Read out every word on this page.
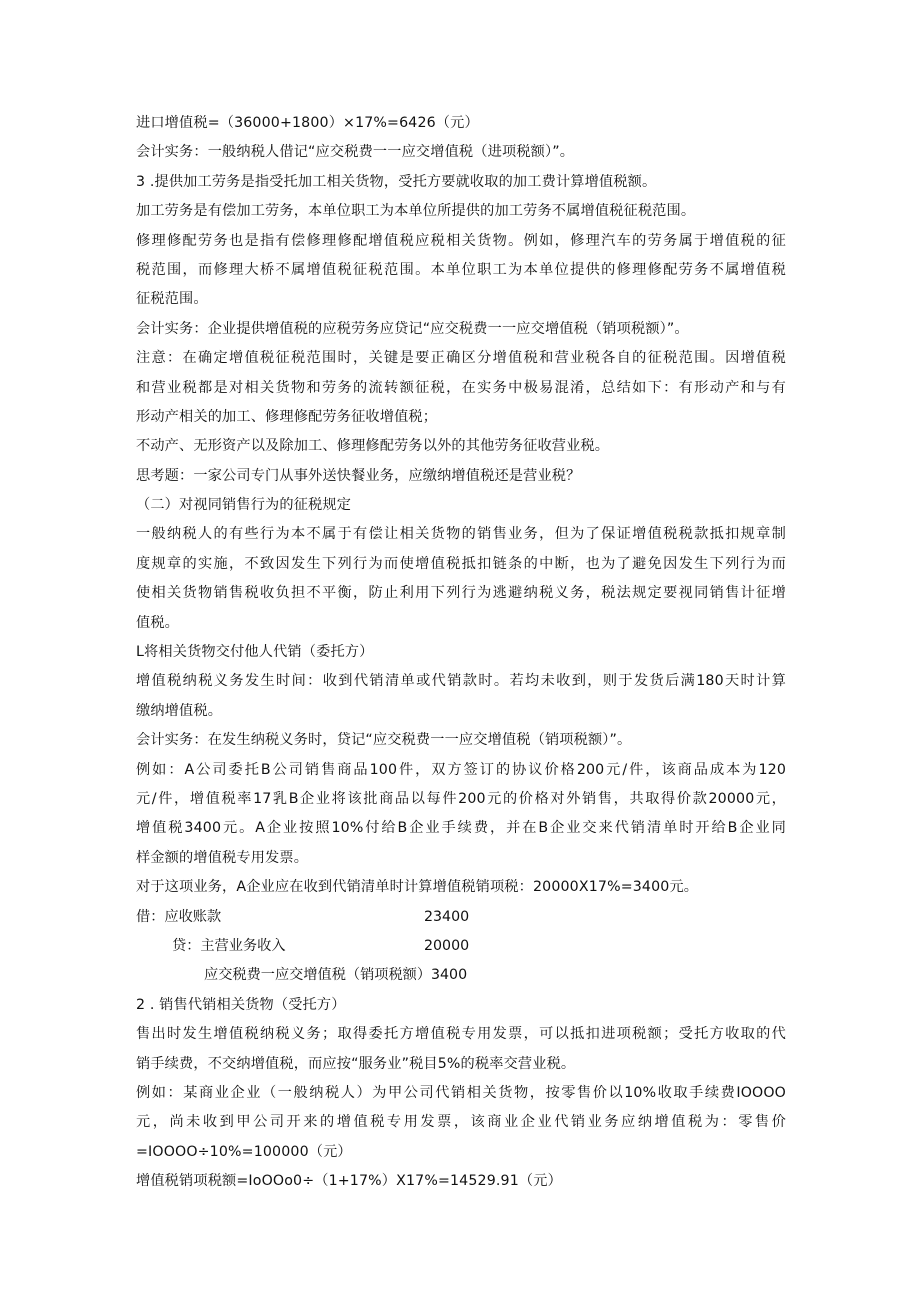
进口增值税=（36000+1800）×17%=6426（元）
会计实务：一般纳税人借记“应交税费一一应交增值税（进项税额）”。
3 .提供加工劳务是指受托加工相关货物，受托方要就收取的加工费计算增值税额。
加工劳务是有偿加工劳务，本单位职工为本单位所提供的加工劳务不属增值税征税范围。
修理修配劳务也是指有偿修理修配增值税应税相关货物。例如，修理汽车的劳务属于增值税的征
税范围，而修理大桥不属增值税征税范围。本单位职工为本单位提供的修理修配劳务不属增值税
征税范围。
会计实务：企业提供增值税的应税劳务应贷记“应交税费一一应交增值税（销项税额）”。
注意：在确定增值税征税范围时，关键是要正确区分增值税和营业税各自的征税范围。因增值税
和营业税都是对相关货物和劳务的流转额征税，在实务中极易混淆，总结如下：有形动产和与有
形动产相关的加工、修理修配劳务征收增值税；
不动产、无形资产以及除加工、修理修配劳务以外的其他劳务征收营业税。
思考题：一家公司专门从事外送快餐业务，应缴纳增值税还是营业税？
（二）对视同销售行为的征税规定
一般纳税人的有些行为本不属于有偿让相关货物的销售业务，但为了保证增值税税款抵扣规章制
度规章的实施，不致因发生下列行为而使增值税抵扣链条的中断，也为了避免因发生下列行为而
使相关货物销售税收负担不平衡，防止利用下列行为逃避纳税义务，税法规定要视同销售计征增
值税。
L将相关货物交付他人代销（委托方）
增值税纳税义务发生时间：收到代销清单或代销款时。若均未收到，则于发货后满180天时计算
缴纳增值税。
会计实务：在发生纳税义务时，贷记“应交税费一一应交增值税（销项税额）”。
例如：A公司委托B公司销售商品100件，双方签订的协议价格200元/件，该商品成本为120
元/件，增值税率17乳B企业将该批商品以每件200元的价格对外销售，共取得价款20000元，
增值税3400元。A企业按照10%付给B企业手续费，并在B企业交来代销清单时开给B企业同
样金额的增值税专用发票。
对于这项业务，A企业应在收到代销清单时计算增值税销项税：20000X17%=3400元。
借：应收账款	23400
贷：主营业务收入	20000
应交税费一应交增值税（销项税额）3400
2 . 销售代销相关货物（受托方）
售出时发生增值税纳税义务；取得委托方增值税专用发票，可以抵扣进项税额；受托方收取的代
销手续费，不交纳增值税，而应按“服务业”税目5%的税率交营业税。
例如：某商业企业（一般纳税人）为甲公司代销相关货物，按零售价以10%收取手续费IOOOO
元，尚未收到甲公司开来的增值税专用发票，该商业企业代销业务应纳增值税为：零售价
=IOOOO÷10%=100000（元）
增值税销项税额=IoOOo0÷（1+17%）X17%=14529.91（元）
